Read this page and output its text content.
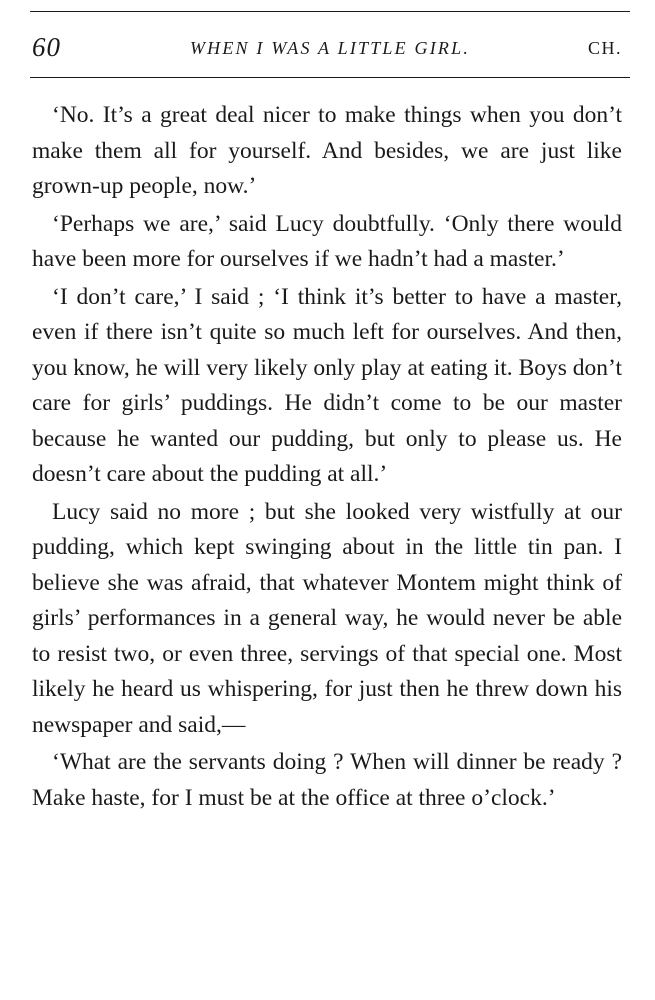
60	WHEN I WAS A LITTLE GIRL.	CH.

‘No. It’s a great deal nicer to make things when you don’t make them all for yourself. And besides, we are just like grown-up people, now.’

‘Perhaps we are,’ said Lucy doubtfully. ‘Only there would have been more for ourselves if we hadn’t had a master.’

‘I don’t care,’ I said ; ‘I think it’s better to have a master, even if there isn’t quite so much left for ourselves. And then, you know, he will very likely only play at eating it. Boys don’t care for girls’ puddings. He didn’t come to be our master because he wanted our pudding, but only to please us. He doesn’t care about the pudding at all.’

Lucy said no more ; but she looked very wistfully at our pudding, which kept swinging about in the little tin pan. I believe she was afraid, that whatever Montem might think of girls’ performances in a general way, he would never be able to resist two, or even three, servings of that special one. Most likely he heard us whispering, for just then he threw down his newspaper and said,—

‘What are the servants doing ? When will dinner be ready ? Make haste, for I must be at the office at three o’clock.’
